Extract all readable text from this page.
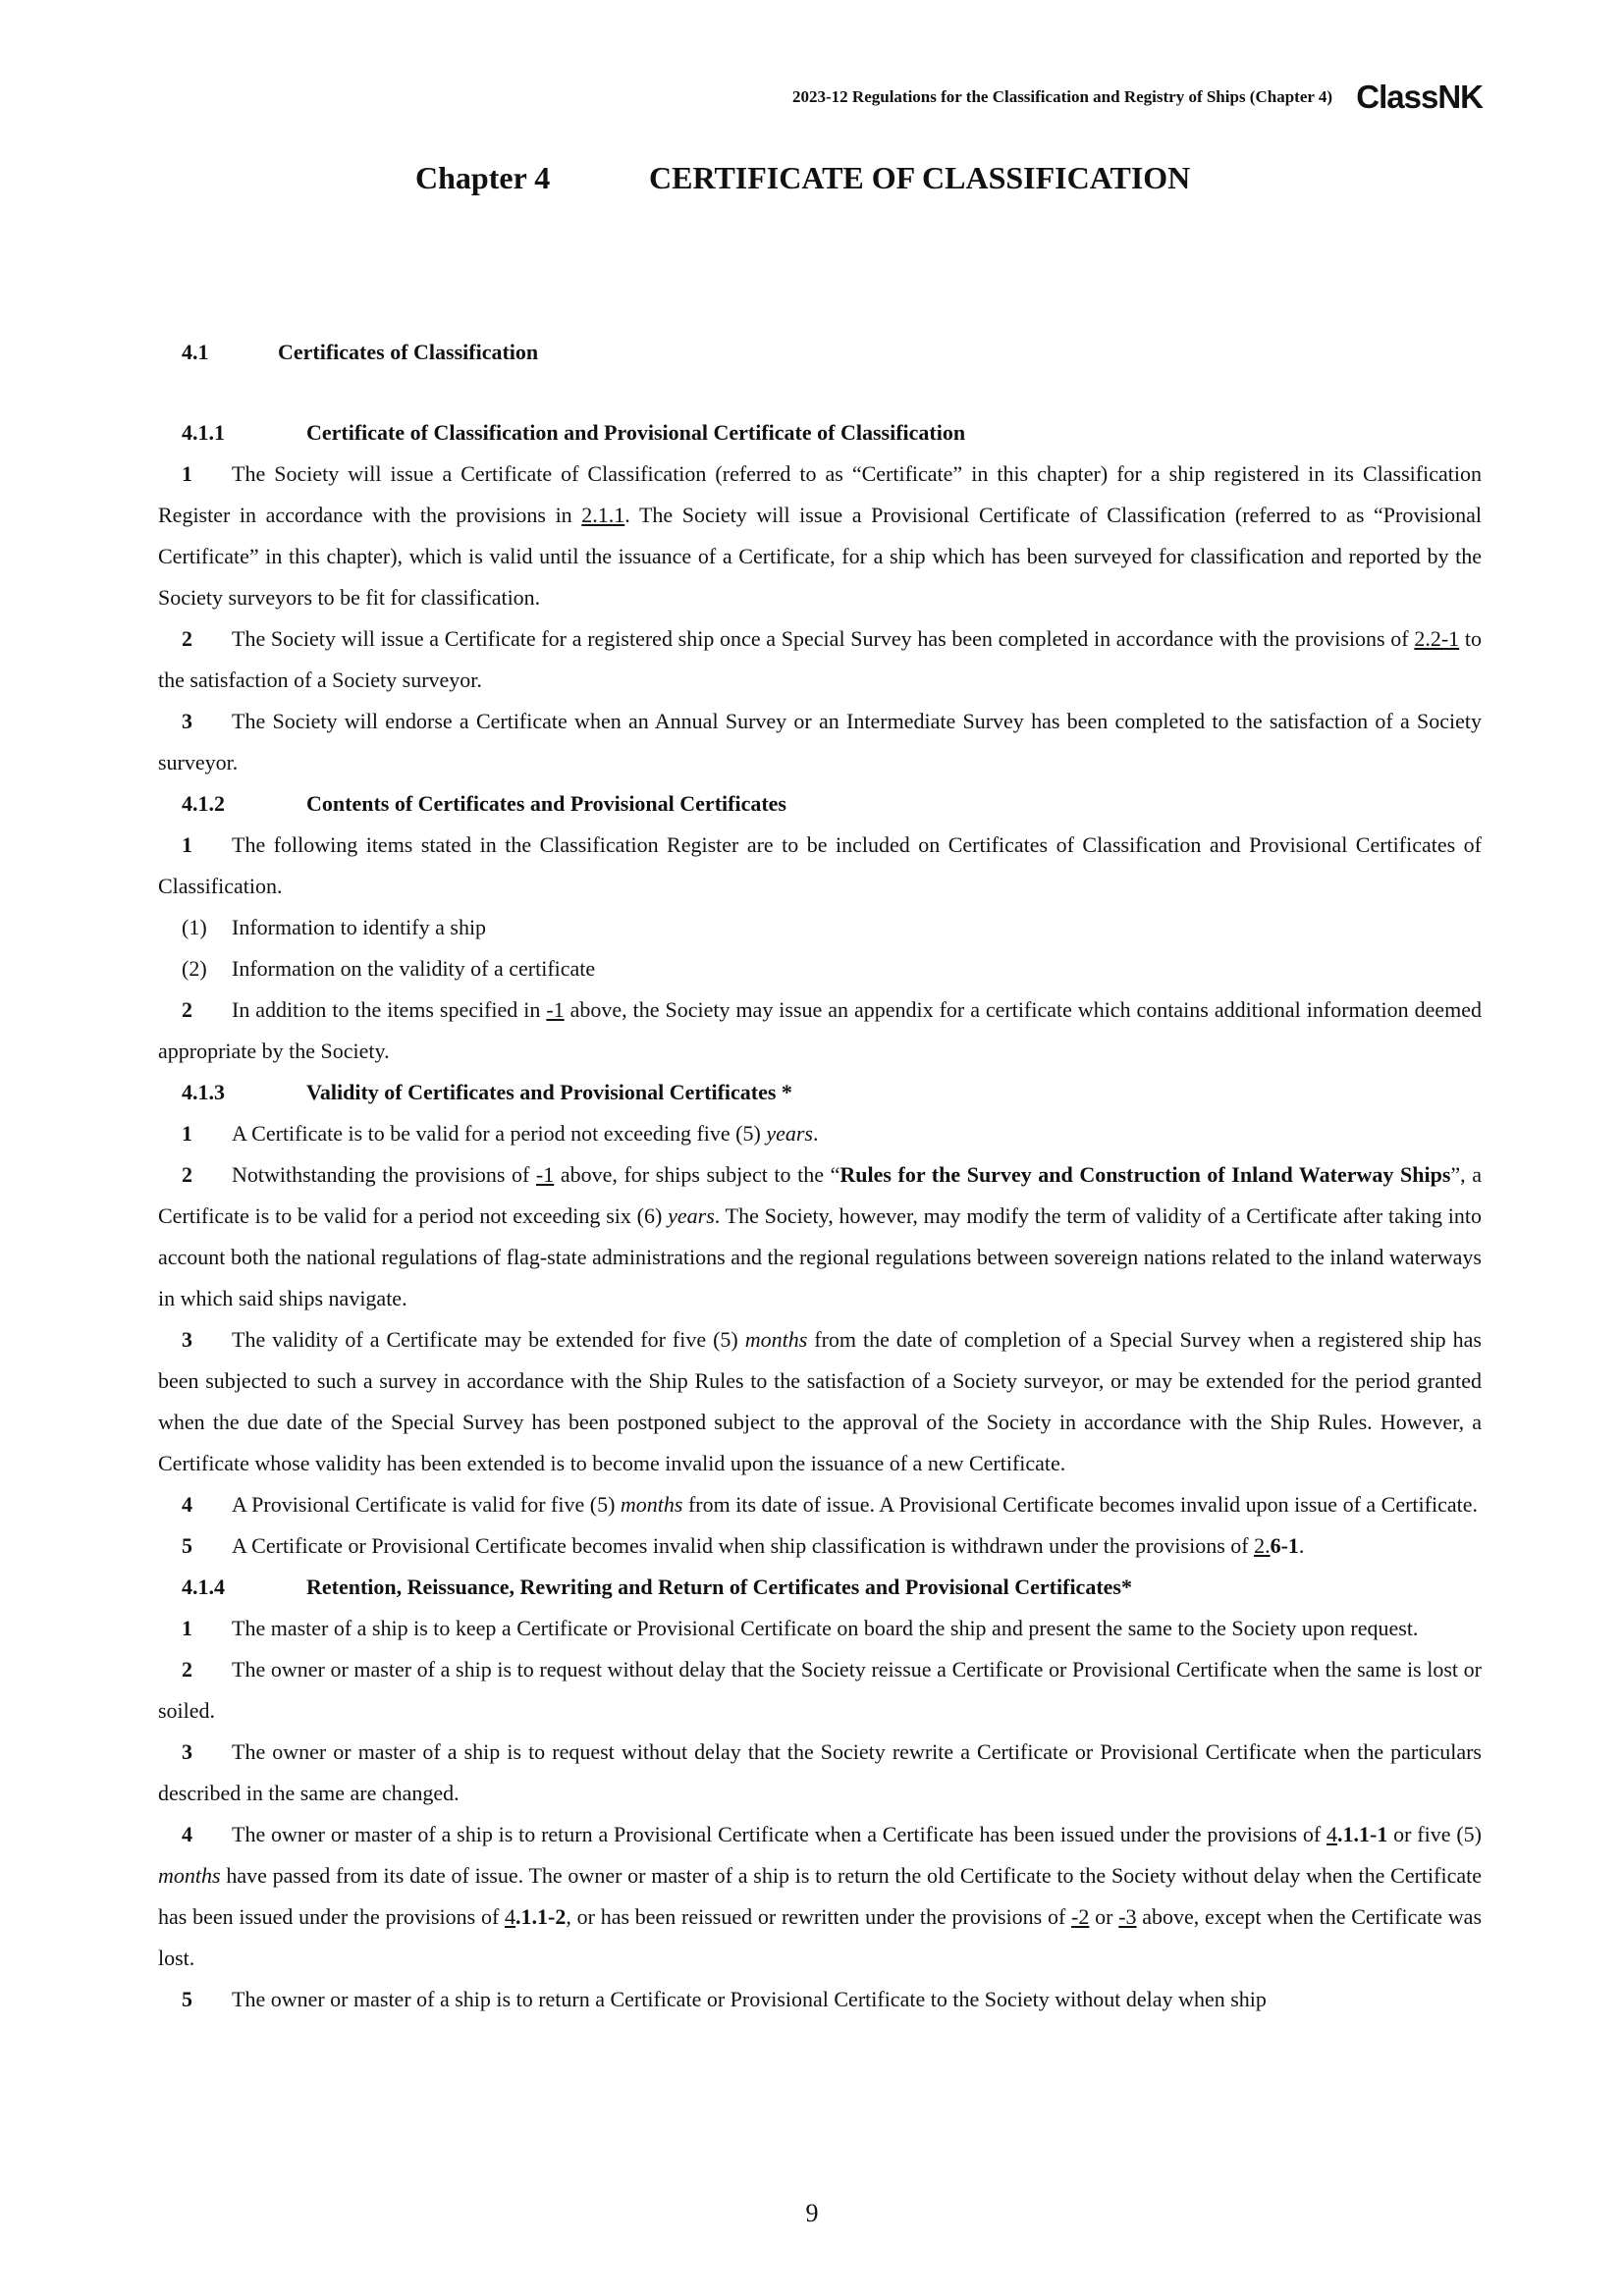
2023-12 Regulations for the Classification and Registry of Ships (Chapter 4) ClassNK
Chapter 4	CERTIFICATE OF CLASSIFICATION
4.1	Certificates of Classification
4.1.1	Certificate of Classification and Provisional Certificate of Classification

1 The Society will issue a Certificate of Classification (referred to as “Certificate” in this chapter) for a ship registered in its Classification Register in accordance with the provisions in 2.1.1. The Society will issue a Provisional Certificate of Classification (referred to as “Provisional Certificate” in this chapter), which is valid until the issuance of a Certificate, for a ship which has been surveyed for classification and reported by the Society surveyors to be fit for classification.

2 The Society will issue a Certificate for a registered ship once a Special Survey has been completed in accordance with the provisions of 2.2-1 to the satisfaction of a Society surveyor.

3 The Society will endorse a Certificate when an Annual Survey or an Intermediate Survey has been completed to the satisfaction of a Society surveyor.

4.1.2	Contents of Certificates and Provisional Certificates

1 The following items stated in the Classification Register are to be included on Certificates of Classification and Provisional Certificates of Classification.

(1) Information to identify a ship
(2) Information on the validity of a certificate

2 In addition to the items specified in -1 above, the Society may issue an appendix for a certificate which contains additional information deemed appropriate by the Society.

4.1.3	Validity of Certificates and Provisional Certificates *

1 A Certificate is to be valid for a period not exceeding five (5) years.

2 Notwithstanding the provisions of -1 above, for ships subject to the “Rules for the Survey and Construction of Inland Waterway Ships”, a Certificate is to be valid for a period not exceeding six (6) years. The Society, however, may modify the term of validity of a Certificate after taking into account both the national regulations of flag-state administrations and the regional regulations between sovereign nations related to the inland waterways in which said ships navigate.

3 The validity of a Certificate may be extended for five (5) months from the date of completion of a Special Survey when a registered ship has been subjected to such a survey in accordance with the Ship Rules to the satisfaction of a Society surveyor, or may be extended for the period granted when the due date of the Special Survey has been postponed subject to the approval of the Society in accordance with the Ship Rules. However, a Certificate whose validity has been extended is to become invalid upon the issuance of a new Certificate.

4 A Provisional Certificate is valid for five (5) months from its date of issue. A Provisional Certificate becomes invalid upon issue of a Certificate.

5 A Certificate or Provisional Certificate becomes invalid when ship classification is withdrawn under the provisions of 2.6-1.

4.1.4	Retention, Reissuance, Rewriting and Return of Certificates and Provisional Certificates*

1 The master of a ship is to keep a Certificate or Provisional Certificate on board the ship and present the same to the Society upon request.

2 The owner or master of a ship is to request without delay that the Society reissue a Certificate or Provisional Certificate when the same is lost or soiled.

3 The owner or master of a ship is to request without delay that the Society rewrite a Certificate or Provisional Certificate when the particulars described in the same are changed.

4 The owner or master of a ship is to return a Provisional Certificate when a Certificate has been issued under the provisions of 4.1.1-1 or five (5) months have passed from its date of issue. The owner or master of a ship is to return the old Certificate to the Society without delay when the Certificate has been issued under the provisions of 4.1.1-2, or has been reissued or rewritten under the provisions of -2 or -3 above, except when the Certificate was lost.

5 The owner or master of a ship is to return a Certificate or Provisional Certificate to the Society without delay when ship

9
